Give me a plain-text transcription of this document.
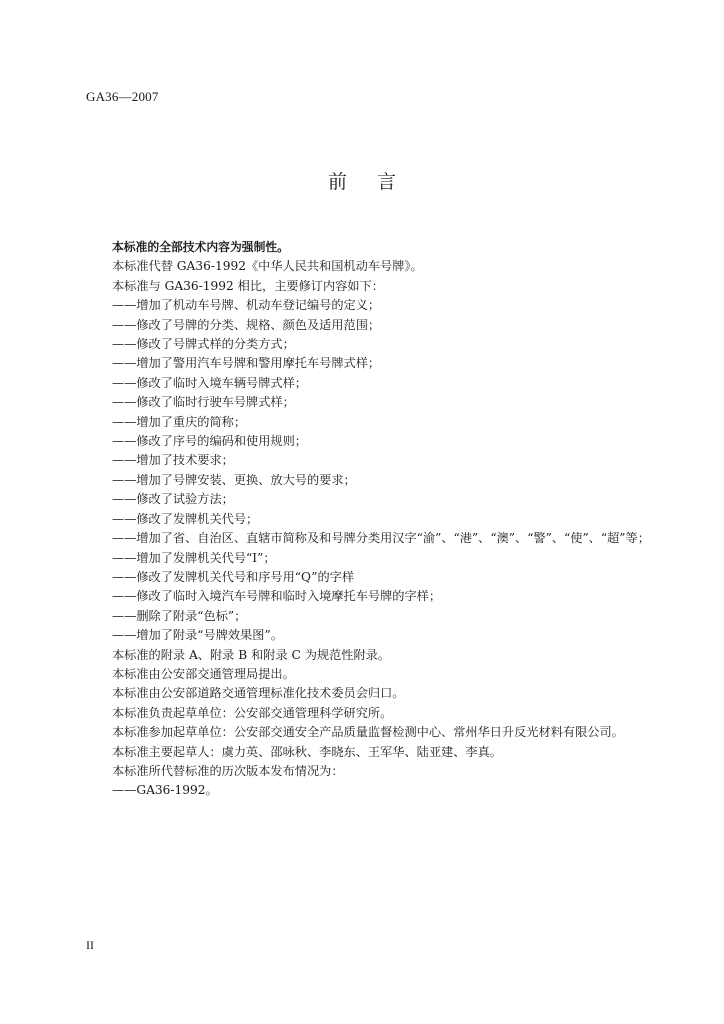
GA36—2007
前言

本标准的全部技术内容为强制性。

本标准代替 GA36-1992《中华人民共和国机动车号牌》。

本标准与 GA36-1992 相比，主要修订内容如下：

——增加了机动车号牌、机动车登记编号的定义；

——修改了号牌的分类、规格、颜色及适用范围；

——修改了号牌式样的分类方式；

——增加了警用汽车号牌和警用摩托车号牌式样；

——修改了临时入境车辆号牌式样；

——修改了临时行驶车号牌式样；

——增加了重庆的简称；

——修改了序号的编码和使用规则；

——增加了技术要求；

——增加了号牌安装、更换、放大号的要求；

——修改了试验方法；

——修改了发牌机关代号；

——增加了省、自治区、直辖市简称及和号牌分类用汉字“渝”、“港”、“澳”、“警”、“使”、“超”等；

——增加了发牌机关代号“I”；

——修改了发牌机关代号和序号用“Q”的字样

——修改了临时入境汽车号牌和临时入境摩托车号牌的字样；

——删除了附录“色标”；

——增加了附录“号牌效果图”。

本标准的附录 A、附录 B 和附录 C 为规范性附录。

本标准由公安部交通管理局提出。

本标准由公安部道路交通管理标准化技术委员会归口。

本标准负责起草单位：公安部交通管理科学研究所。

本标准参加起草单位：公安部交通安全产品质量监督检测中心、常州华日升反光材料有限公司。

本标准主要起草人：虞力英、邵咏秋、李晓东、王军华、陆亚建、李真。

本标准所代替标准的历次版本发布情况为：

——GA36-1992。

II
